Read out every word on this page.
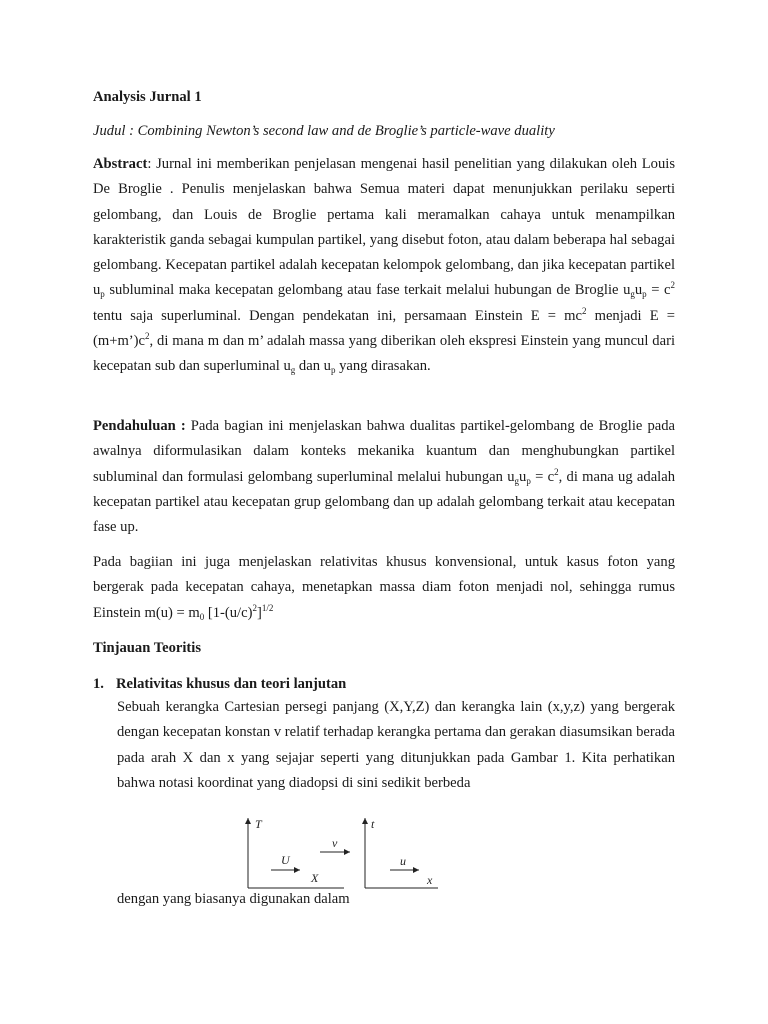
Analysis Jurnal 1
Judul : Combining Newton’s second law and de Broglie’s particle-wave duality
Abstract: Jurnal ini memberikan penjelasan mengenai hasil penelitian yang dilakukan oleh Louis De Broglie . Penulis menjelaskan bahwa Semua materi dapat menunjukkan perilaku seperti gelombang, dan Louis de Broglie pertama kali meramalkan cahaya untuk menampilkan karakteristik ganda sebagai kumpulan partikel, yang disebut foton, atau dalam beberapa hal sebagai gelombang. Kecepatan partikel adalah kecepatan kelompok gelombang, dan jika kecepatan partikel $u_p$ subluminal maka kecepatan gelombang atau fase terkait melalui hubungan de Broglie $u_gu_p = c^2$ tentu saja superluminal. Dengan pendekatan ini, persamaan Einstein $E = mc^2$ menjadi $E = (m+m’)c^2$, di mana m dan m’ adalah massa yang diberikan oleh ekspresi Einstein yang muncul dari kecepatan sub dan superluminal $u_g$ dan $u_p$ yang dirasakan.
Pendahuluan : Pada bagian ini menjelaskan bahwa dualitas partikel-gelombang de Broglie pada awalnya diformulasikan dalam konteks mekanika kuantum dan menghubungkan partikel subluminal dan formulasi gelombang superluminal melalui hubungan $u_gu_p = c^2$, di mana ug adalah kecepatan partikel atau kecepatan grup gelombang dan up adalah gelombang terkait atau kecepatan fase up.
Pada bagiian ini juga menjelaskan relativitas khusus konvensional, untuk kasus foton yang bergerak pada kecepatan cahaya, menetapkan massa diam foton menjadi nol, sehingga rumus Einstein $m(u) = m_0$ $[1-(u/c)^2]^{1/2}$
Tinjauan Teoritis
1. Relativitas khusus dan teori lanjutan
Sebuah kerangka Cartesian persegi panjang (X,Y,Z) dan kerangka lain (x,y,z) yang bergerak dengan kecepatan konstan v relatif terhadap kerangka pertama dan gerakan diasumsikan berada pada arah X dan x yang sejajar seperti yang ditunjukkan pada Gambar 1. Kita perhatikan bahwa notasi koordinat yang diadopsi di sini sedikit berbeda
T	t
U
v
u
X	x
dengan yang biasanya digunakan dalam
